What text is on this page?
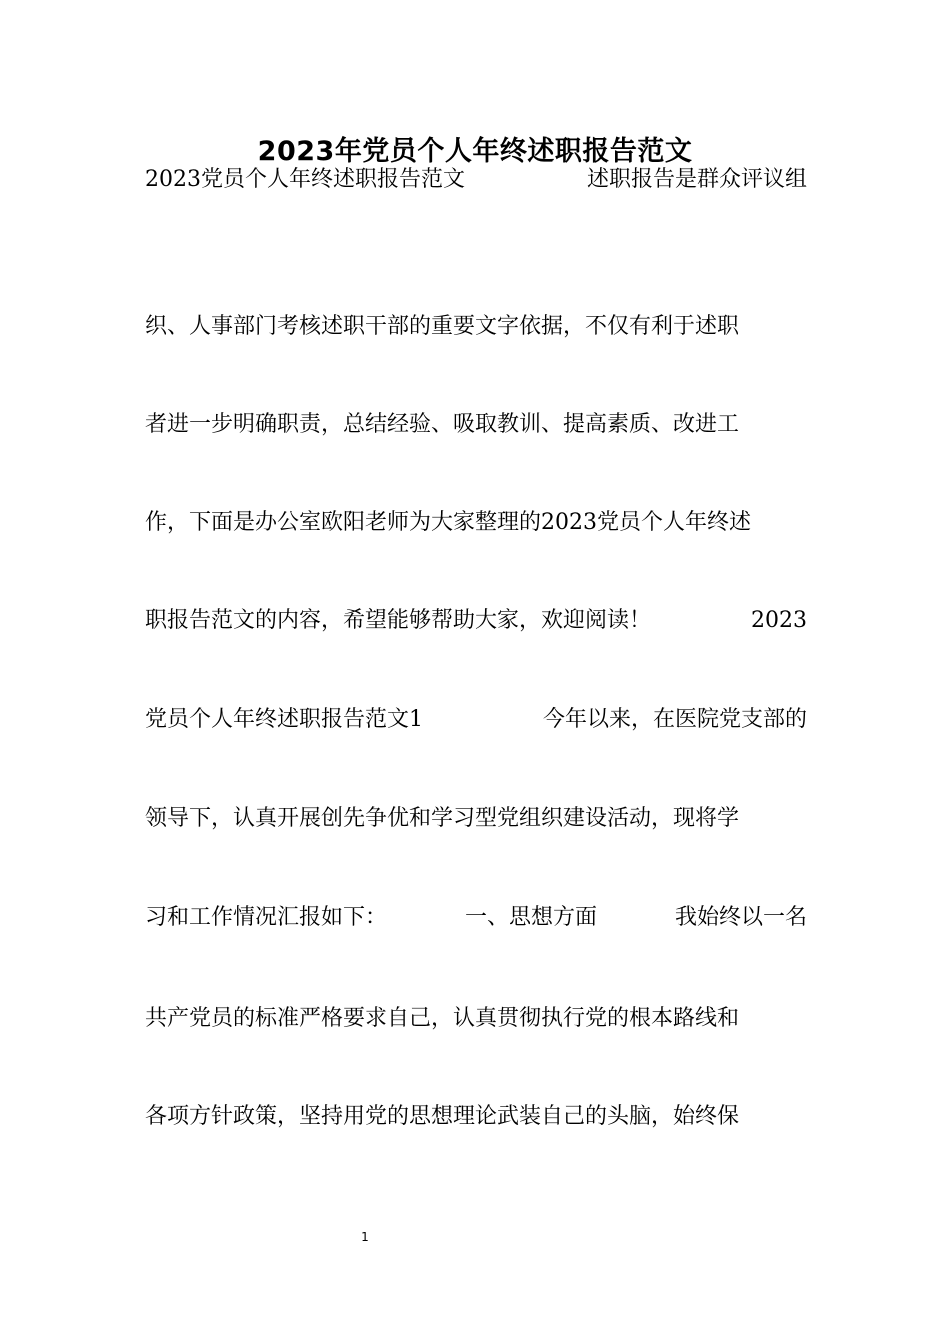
2023年党员个人年终述职报告范文
2023党员个人年终述职报告范文	述职报告是群众评议组
织、人事部门考核述职干部的重要文字依据，不仅有利于述职
者进一步明确职责，总结经验、吸取教训、提高素质、改进工
作，下面是办公室欧阳老师为大家整理的2023党员个人年终述
职报告范文的内容，希望能够帮助大家，欢迎阅读！	2023
党员个人年终述职报告范文1	今年以来，在医院党支部的
领导下，认真开展创先争优和学习型党组织建设活动，现将学
习和工作情况汇报如下：	一、思想方面	我始终以一名
共产党员的标准严格要求自己，认真贯彻执行党的根本路线和
各项方针政策，坚持用党的思想理论武装自己的头脑，始终保
1
